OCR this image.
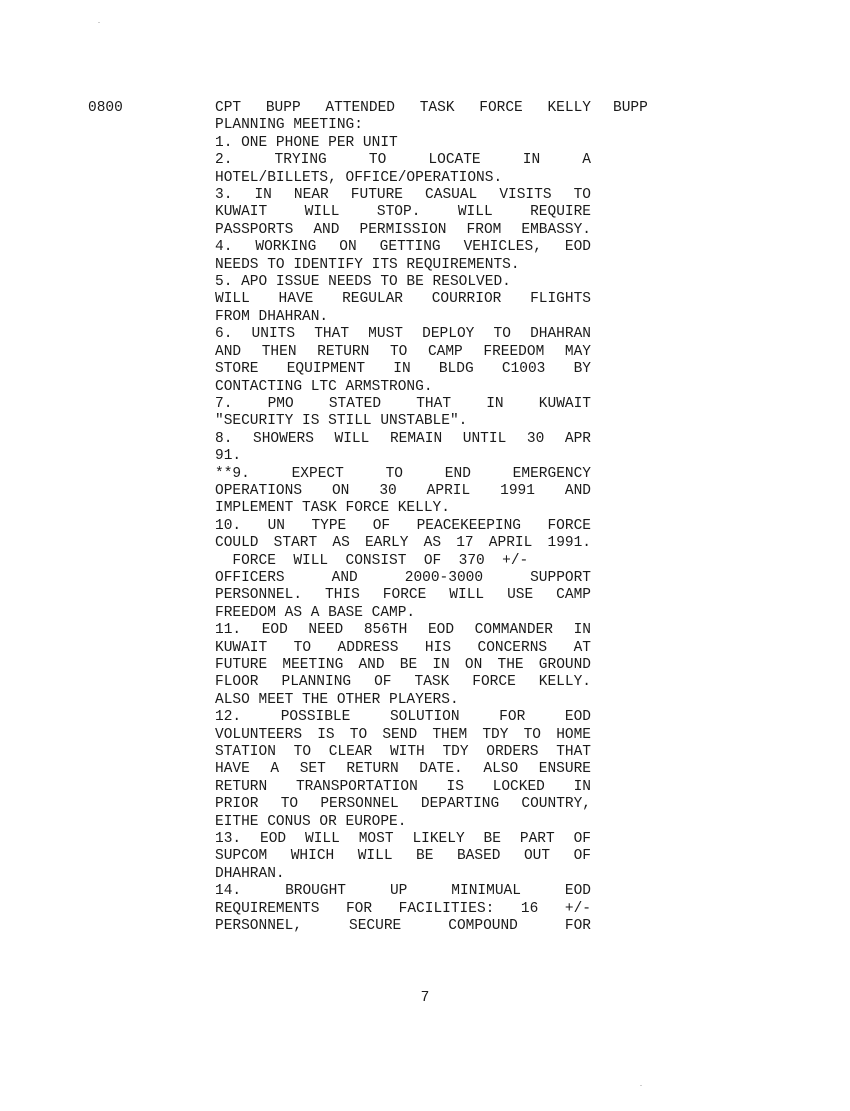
0800	CPT BUPP ATTENDED TASK FORCE KELLY
PLANNING MEETING:
1. ONE PHONE PER UNIT
2. TRYING TO LOCATE IN A
HOTEL/BILLETS, OFFICE/OPERATIONS.
3. IN NEAR FUTURE CASUAL VISITS TO
KUWAIT WILL STOP. WILL REQUIRE
PASSPORTS AND PERMISSION FROM EMBASSY.
4. WORKING ON GETTING VEHICLES, EOD
NEEDS TO IDENTIFY ITS REQUIREMENTS.
5. APO ISSUE NEEDS TO BE RESOLVED.
WILL HAVE REGULAR COURRIOR FLIGHTS
FROM DHAHRAN.
6. UNITS THAT MUST DEPLOY TO DHAHRAN
AND THEN RETURN TO CAMP FREEDOM MAY
STORE EQUIPMENT IN BLDG C1003 BY
CONTACTING LTC ARMSTRONG.
7. PMO STATED THAT IN KUWAIT
"SECURITY IS STILL UNSTABLE".
8. SHOWERS WILL REMAIN UNTIL 30 APR
91.
**9. EXPECT TO END EMERGENCY
OPERATIONS ON 30 APRIL 1991 AND
IMPLEMENT TASK FORCE KELLY.
10. UN TYPE OF PEACEKEEPING FORCE
COULD START AS EARLY AS 17 APRIL 1991.
FORCE  WILL  CONSIST  OF  370  +/-
OFFICERS AND 2000-3000 SUPPORT
PERSONNEL. THIS FORCE WILL USE CAMP
FREEDOM AS A BASE CAMP.
11. EOD NEED 856TH EOD COMMANDER IN
KUWAIT TO ADDRESS HIS CONCERNS AT
FUTURE MEETING AND BE IN ON THE GROUND
FLOOR PLANNING OF TASK FORCE KELLY.
ALSO MEET THE OTHER PLAYERS.
12. POSSIBLE SOLUTION FOR EOD
VOLUNTEERS IS TO SEND THEM TDY TO HOME
STATION TO CLEAR WITH TDY ORDERS THAT
HAVE A SET RETURN DATE. ALSO ENSURE
RETURN TRANSPORTATION IS LOCKED IN
PRIOR TO PERSONNEL DEPARTING COUNTRY,
EITHE CONUS OR EUROPE.
13. EOD WILL MOST LIKELY BE PART OF
SUPCOM WHICH WILL BE BASED OUT OF
DHAHRAN.
14. BROUGHT UP MINIMUAL EOD
REQUIREMENTS FOR FACILITIES: 16 +/-
PERSONNEL, SECURE COMPOUND FOR
BUPP
7
